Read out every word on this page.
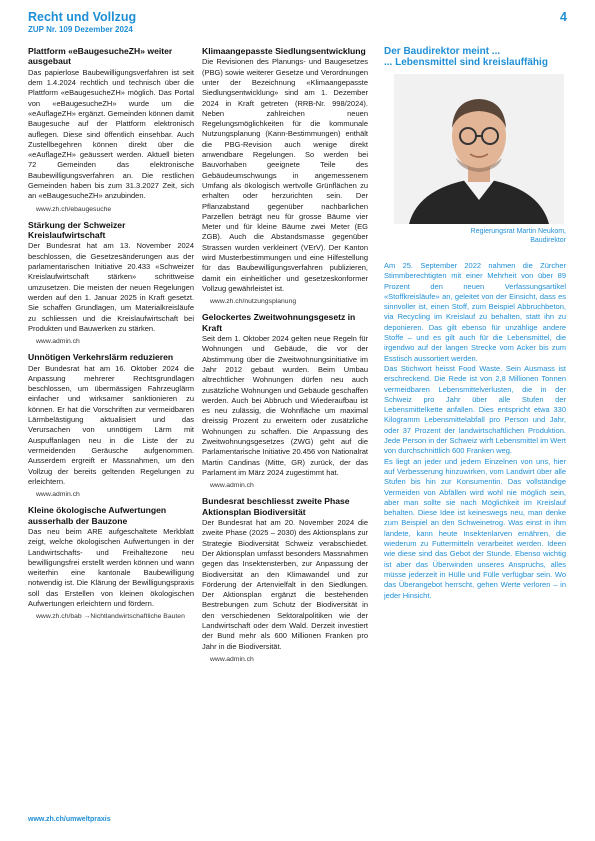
Recht und Vollzug
ZUP Nr. 109 Dezember 2024
4
Plattform «eBaugesucheZH» weiter ausgebaut

Das papierlose Baubewilligungsverfahren ist seit dem 1.4.2024 rechtlich und technisch über die Plattform «eBaugesucheZH» möglich. Das Portal von «eBaugesucheZH» wurde um die «eAuflageZH» ergänzt. Gemeinden können damit Baugesuche auf der Plattform elektronisch auflegen. Diese sind öffentlich einsehbar. Auch Zustellbegehren können direkt über die «eAuflageZH» geäussert werden. Aktuell bieten 72 Gemeinden das elektronische Baubewilligungsverfahren an. Die restlichen Gemeinden haben bis zum 31.3.2027 Zeit, sich an «eBaugesucheZH» anzubinden.

www.zh.ch/ebaugesuche
Stärkung der Schweizer Kreislaufwirtschaft

Der Bundesrat hat am 13. November 2024 beschlossen, die Gesetzesänderungen aus der parlamentarischen Initiative 20.433 «Schweizer Kreislaufwirtschaft stärken» schrittweise umzusetzen. Die meisten der neuen Regelungen werden auf den 1. Januar 2025 in Kraft gesetzt. Sie schaffen Grundlagen, um Materialkreisläufe zu schliessen und die Kreislaufwirtschaft bei Produkten und Bauwerken zu stärken.

www.admin.ch
Unnötigen Verkehrslärm reduzieren

Der Bundesrat hat am 16. Oktober 2024 die Anpassung mehrerer Rechtsgrundlagen beschlossen, um übermässigen Fahrzeuglärm einfacher und wirksamer sanktionieren zu können. Er hat die Vorschriften zur vermeidbaren Lärmbelästigung aktualisiert und das Verursachen von unnötigem Lärm mit Auspuffanlagen neu in die Liste der zu vermeidenden Geräusche aufgenommen. Ausserdem ergreift er Massnahmen, um den Vollzug der bereits geltenden Regelungen zu erleichtern.

www.admin.ch
Kleine ökologische Aufwertungen ausserhalb der Bauzone

Das neu beim ARE aufgeschaltete Merkblatt zeigt, welche ökologischen Aufwertungen in der Landwirtschafts- und Freihaltezone neu bewilligungsfrei erstellt werden können und wann weiterhin eine kantonale Baubewilligung notwendig ist. Die Klärung der Bewilligungspraxis soll das Erstellen von kleinen ökologischen Aufwertungen erleichtern und fördern.

www.zh.ch/bab →Nichtlandwirtschaftliche Bauten
Klimaangepasste Siedlungsentwicklung

Die Revisionen des Planungs- und Baugesetzes (PBG) sowie weiterer Gesetze und Verordnungen unter der Bezeichnung «Klimaangepasste Siedlungsentwicklung» sind am 1. Dezember 2024 in Kraft getreten (RRB-Nr. 998/2024). Neben zahlreichen neuen Regelungsmöglichkeiten für die kommunale Nutzungsplanung (Kann-Bestimmungen) enthält die PBG-Revision auch wenige direkt anwendbare Regelungen. So werden bei Bauvorhaben geeignete Teile des Gebäudeumschwungs in angemessenem Umfang als ökologisch wertvolle Grünflächen zu erhalten oder herzurichten sein. Der Pflanzabstand gegenüber nachbarlichen Parzellen beträgt neu für grosse Bäume vier Meter und für kleine Bäume zwei Meter (EG ZGB). Auch die Abstandsmasse gegenüber Strassen wurden verkleinert (VErV). Der Kanton wird Musterbestimmungen und eine Hilfestellung für das Baubewilligungsverfahren publizieren, damit ein einheitlicher und gesetzeskonformer Vollzug gewährleistet ist.

www.zh.ch/nutzungsplanung
Gelockertes Zweitwohnungsgesetz in Kraft

Seit dem 1. Oktober 2024 gelten neue Regeln für Wohnungen und Gebäude, die vor der Abstimmung über die Zweitwohnungsinitiative im Jahr 2012 gebaut wurden. Beim Umbau altrechtlicher Wohnungen dürfen neu auch zusätzliche Wohnungen und Gebäude geschaffen werden. Auch bei Abbruch und Wiederaufbau ist es neu zulässig, die Wohnfläche um maximal dreissig Prozent zu erweitern oder zusätzliche Wohnungen zu schaffen. Die Anpassung des Zweitwohnungsgesetzes (ZWG) geht auf die Parlamentarische Initiative 20.456 von Nationalrat Martin Candinas (Mitte, GR) zurück, der das Parlament im März 2024 zugestimmt hat.

www.admin.ch
Bundesrat beschliesst zweite Phase Aktionsplan Biodiversität

Der Bundesrat hat am 20. November 2024 die zweite Phase (2025 – 2030) des Aktionsplans zur Strategie Biodiversität Schweiz verabschiedet. Der Aktionsplan umfasst besonders Massnahmen gegen das Insektensterben, zur Anpassung der Biodiversität an den Klimawandel und zur Förderung der Artenvielfalt in den Siedlungen. Der Aktionsplan ergänzt die bestehenden Bestrebungen zum Schutz der Biodiversität in den verschiedenen Sektoralpolitiken wie der Landwirtschaft oder dem Wald. Derzeit investiert der Bund mehr als 600 Millionen Franken pro Jahr in die Biodiversität.

www.admin.ch
Der Baudirektor meint ...
... Lebensmittel sind kreislauffähig
Regierungsrat Martin Neukom,
Baudirektor

Am 25. September 2022 nahmen die Zürcher Stimmberechtigten mit einer Mehrheit von über 89 Prozent den neuen Verfassungsartikel «Stoffkreisläufe» an, geleitet von der Einsicht, dass es sinnvoller ist, einen Stoff, zum Beispiel Abbruchbeton, via Recycling im Kreislauf zu behalten, statt ihn zu deponieren. Das gilt ebenso für unzählige andere Stoffe – und es gilt auch für die Lebensmittel, die irgendwo auf der langen Strecke vom Acker bis zum Esstisch aussortiert werden.

Das Stichwort heisst Food Waste. Sein Ausmass ist erschreckend. Die Rede ist von 2,8 Millionen Tonnen vermeidbaren Lebensmittelverlusten, die in der Schweiz pro Jahr über alle Stufen der Lebensmittelkette anfallen. Dies entspricht etwa 330 Kilogramm Lebensmittelabfall pro Person und Jahr, oder 37 Prozent der landwirtschaftlichen Produktion. Jede Person in der Schweiz wirft Lebensmittel im Wert von durchschnittlich 600 Franken weg.

Es liegt an jeder und jedem Einzelnen von uns, hier auf Verbesserung hinzuwirken, vom Landwirt über alle Stufen bis hin zur Konsumentin. Das vollständige Vermeiden von Abfällen wird wohl nie möglich sein, aber man sollte sie nach Möglichkeit im Kreislauf behalten. Diese Idee ist keineswegs neu, man denke zum Beispiel an den Schweinetrog. Was einst in ihm landete, kann heute Insektenlarven ernähren, die wiederum zu Futtermitteln verarbeitet werden. Ideen wie diese sind das Gebot der Stunde. Ebenso wichtig ist aber das Überwinden unseres Anspruchs, alles müsse jederzeit in Hülle und Fülle verfügbar sein. Wo das Überangebot herrscht, gehen Werte verloren – in jeder Hinsicht.

www.zh.ch/umweltpraxis
